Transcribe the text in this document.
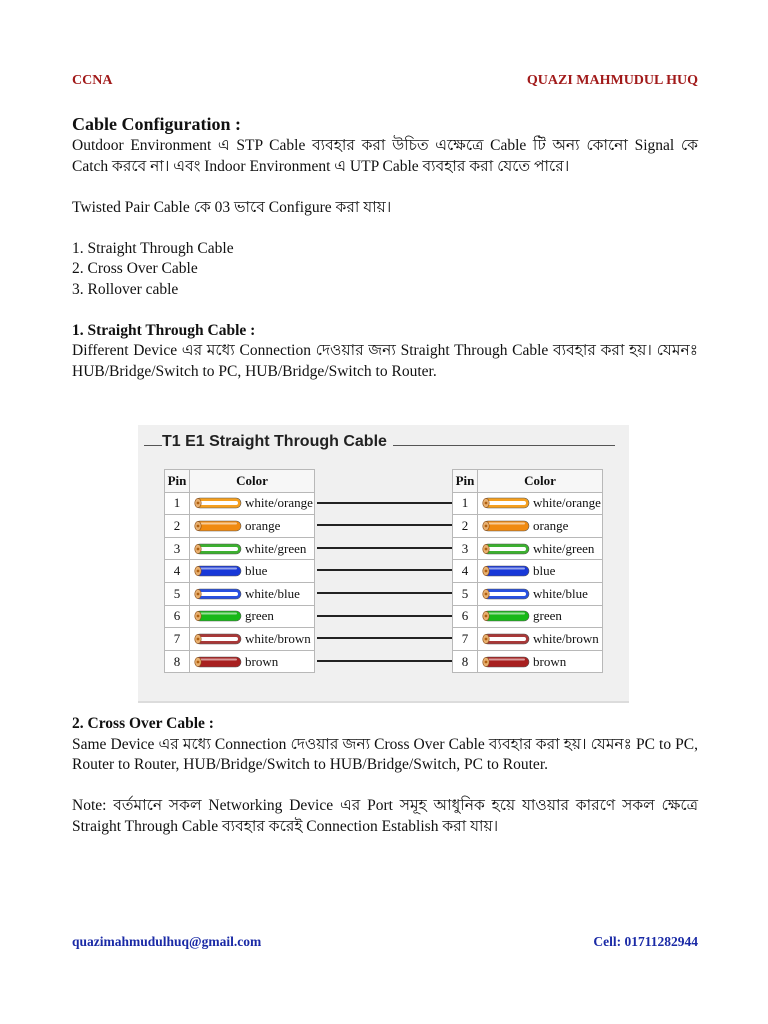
CCNA	QUAZI MAHMUDUL HUQ
Cable Configuration :

Outdoor Environment এ STP Cable ব্যবহার করা উচিত এক্ষেত্রে Cable টি অন্য কোনো Signal কে Catch করবে না। এবং Indoor Environment এ UTP Cable ব্যবহার করা যেতে পারে।

Twisted Pair Cable কে 03 ভাবে Configure করা যায়।

1. Straight Through Cable
2. Cross Over Cable
3. Rollover cable
1. Straight Through Cable :

Different Device এর মধ্যে Connection দেওয়ার জন্য Straight Through Cable ব্যবহার করা হয়। যেমনঃ HUB/Bridge/Switch to PC, HUB/Bridge/Switch to Router.

2. Cross Over Cable :

Same Device এর মধ্যে Connection দেওয়ার জন্য Cross Over Cable ব্যবহার করা হয়। যেমনঃ PC to PC, Router to Router, HUB/Bridge/Switch to HUB/Bridge/Switch, PC to Router.

Note: বর্তমানে সকল Networking Device এর Port সমূহ আধুনিক হয়ে যাওয়ার কারণে সকল ক্ষেত্রে Straight Through Cable ব্যবহার করেই Connection Establish করা যায়।

T1 E1 Straight Through Cable
Pin	Color
1	white/orange

2	orange

3	white/green

4	blue

5	white/blue

6	green

7	white/brown

8	brown
Pin	Color
1	white/orange

2	orange

3	white/green

4	blue

5	white/blue

6	green

7	white/brown

8	brown
quazimahmudulhuq@gmail.com	Cell: 01711282944
